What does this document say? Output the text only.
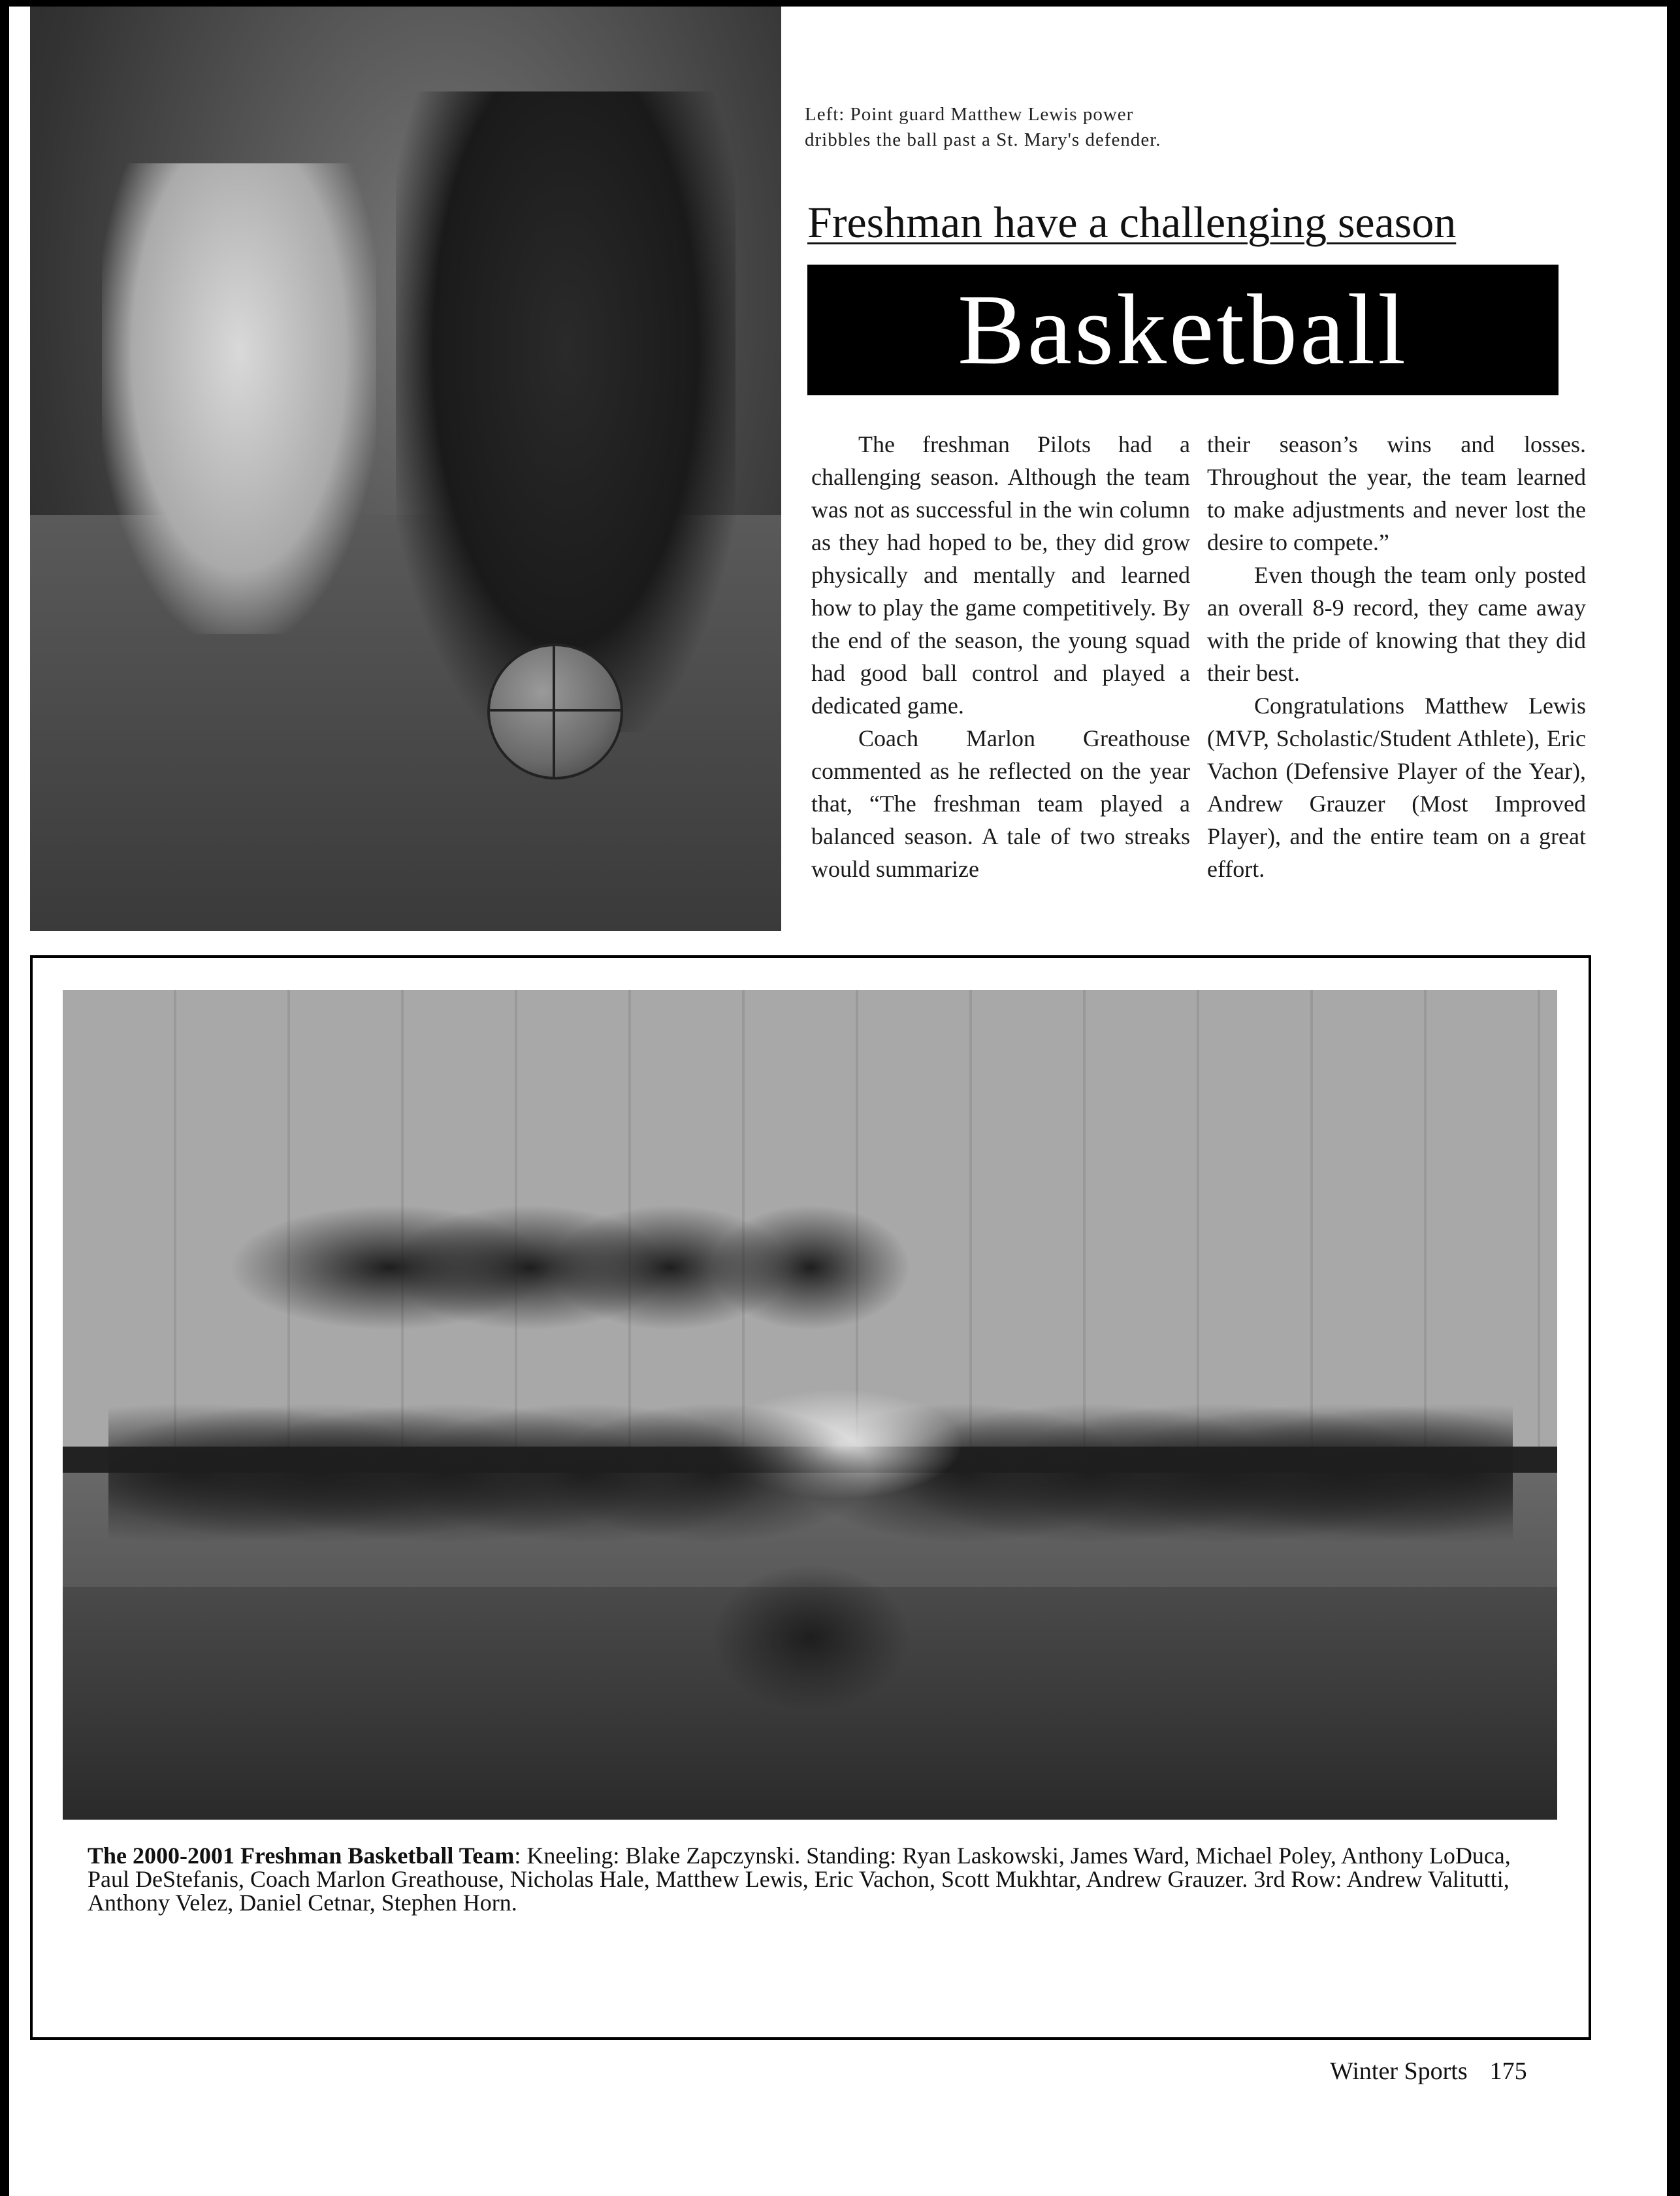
Left: Point guard Matthew Lewis power dribbles the ball past a St. Mary's defender.
Freshman have a challenging season
Basketball

The freshman Pilots had a challenging season. Although the team was not as successful in the win column as they had hoped to be, they did grow physically and mentally and learned how to play the game competitively. By the end of the season, the young squad had good ball control and played a dedicated game.

Coach Marlon Greathouse commented as he reflected on the year that, “The freshman team played a balanced season. A tale of two streaks would summarize

their season’s wins and losses. Throughout the year, the team learned to make adjustments and never lost the desire to compete.”

Even though the team only posted an overall 8-9 record, they came away with the pride of knowing that they did their best.

Congratulations Matthew Lewis (MVP, Scholastic/Student Athlete), Eric Vachon (Defensive Player of the Year), Andrew Grauzer (Most Improved Player), and the entire team on a great effort.

The 2000-2001 Freshman Basketball Team: Kneeling: Blake Zapczynski. Standing: Ryan Laskowski, James Ward, Michael Poley, Anthony LoDuca, Paul DeStefanis, Coach Marlon Greathouse, Nicholas Hale, Matthew Lewis, Eric Vachon, Scott Mukhtar, Andrew Grauzer. 3rd Row: Andrew Valitutti, Anthony Velez, Daniel Cetnar, Stephen Horn.
Winter Sports 175
